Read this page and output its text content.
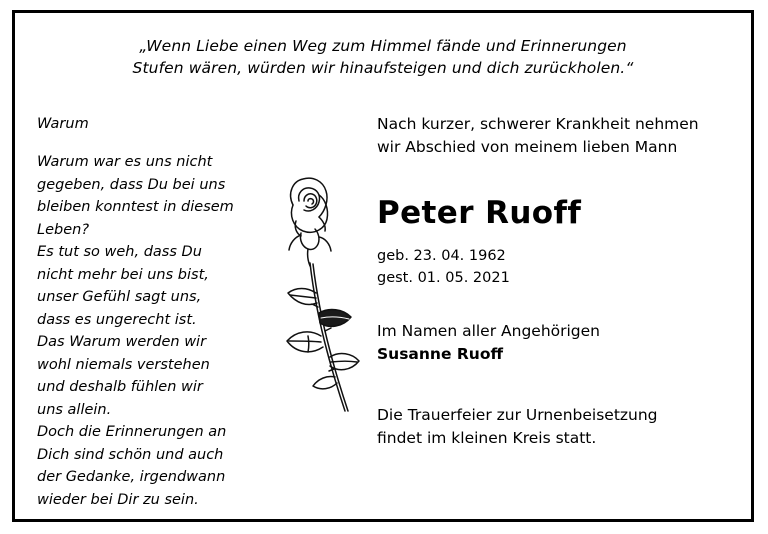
„Wenn Liebe einen Weg zum Himmel fände und Erinnerungen
Stufen wären, würden wir hinaufsteigen und dich zurückholen.“
Warum
Warum war es uns nicht
gegeben, dass Du bei uns
bleiben konntest in diesem
Leben?
Es tut so weh, dass Du
nicht mehr bei uns bist,
unser Gefühl sagt uns,
dass es ungerecht ist.
Das Warum werden wir
wohl niemals verstehen
und deshalb fühlen wir
uns allein.
Doch die Erinnerungen an
Dich sind schön und auch
der Gedanke, irgendwann
wieder bei Dir zu sein.
Nach kurzer, schwerer Krankheit nehmen
wir Abschied von meinem lieben Mann
Peter Ruoff
geb. 23. 04. 1962
gest. 01. 05. 2021
Im Namen aller Angehörigen
Susanne Ruoff
Die Trauerfeier zur Urnenbeisetzung
findet im kleinen Kreis statt.
